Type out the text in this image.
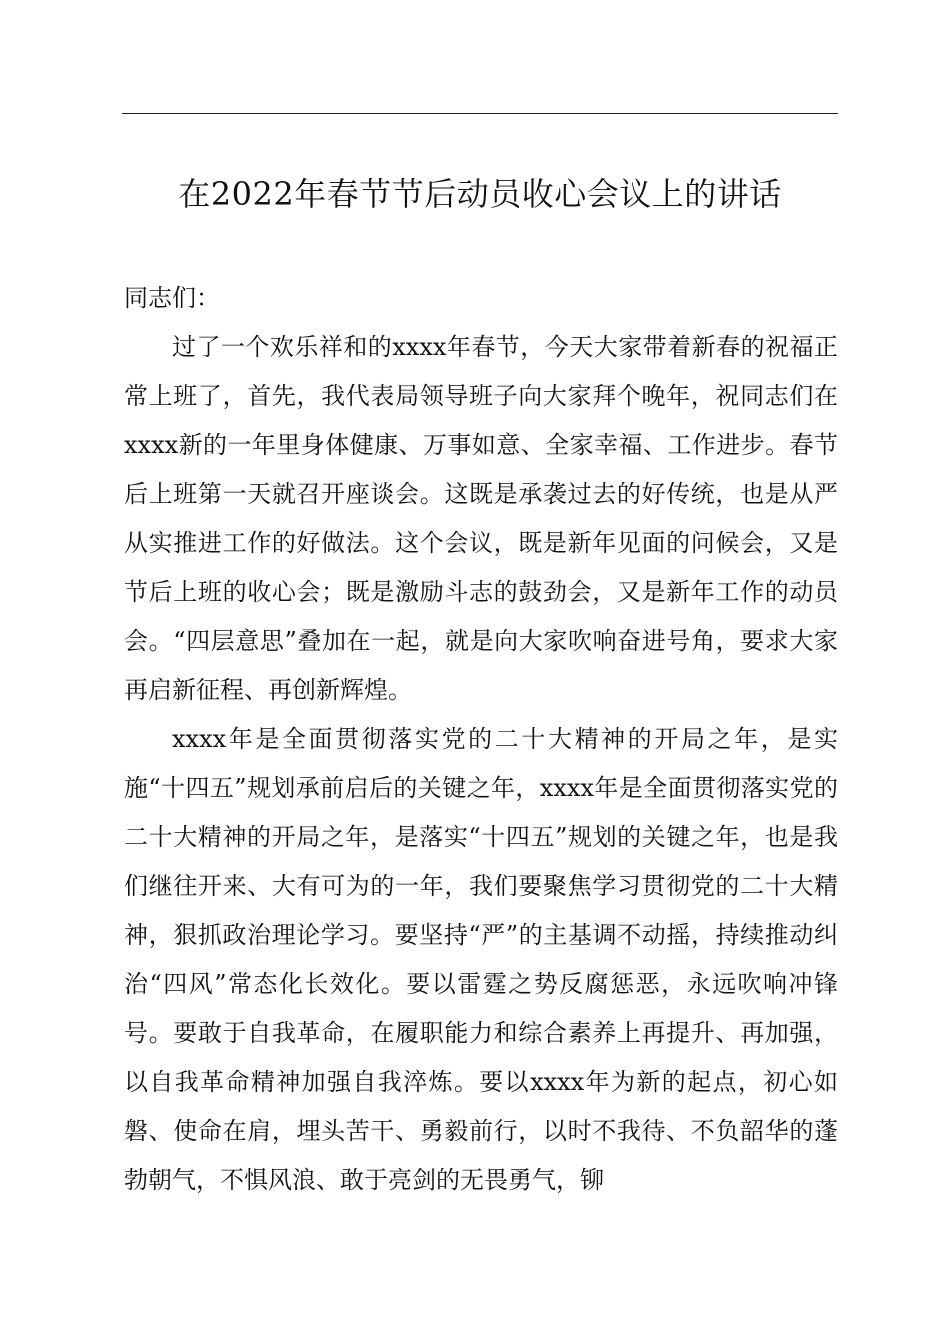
在2022年春节节后动员收心会议上的讲话

同志们：

过了一个欢乐祥和的xxxx年春节，今天大家带着新春的祝福正常上班了，首先，我代表局领导班子向大家拜个晚年，祝同志们在xxxx新的一年里身体健康、万事如意、全家幸福、工作进步。春节后上班第一天就召开座谈会。这既是承袭过去的好传统，也是从严从实推进工作的好做法。这个会议，既是新年见面的问候会，又是节后上班的收心会；既是激励斗志的鼓劲会，又是新年工作的动员会。“四层意思”叠加在一起，就是向大家吹响奋进号角，要求大家再启新征程、再创新辉煌。

xxxx年是全面贯彻落实党的二十大精神的开局之年，是实施“十四五”规划承前启后的关键之年，xxxx年是全面贯彻落实党的二十大精神的开局之年，是落实“十四五”规划的关键之年，也是我们继往开来、大有可为的一年，我们要聚焦学习贯彻党的二十大精神，狠抓政治理论学习。要坚持“严”的主基调不动摇，持续推动纠治“四风”常态化长效化。要以雷霆之势反腐惩恶，永远吹响冲锋号。要敢于自我革命，在履职能力和综合素养上再提升、再加强，以自我革命精神加强自我淬炼。要以xxxx年为新的起点，初心如磐、使命在肩，埋头苦干、勇毅前行，以时不我待、不负韶华的蓬勃朝气，不惧风浪、敢于亮剑的无畏勇气，铆
